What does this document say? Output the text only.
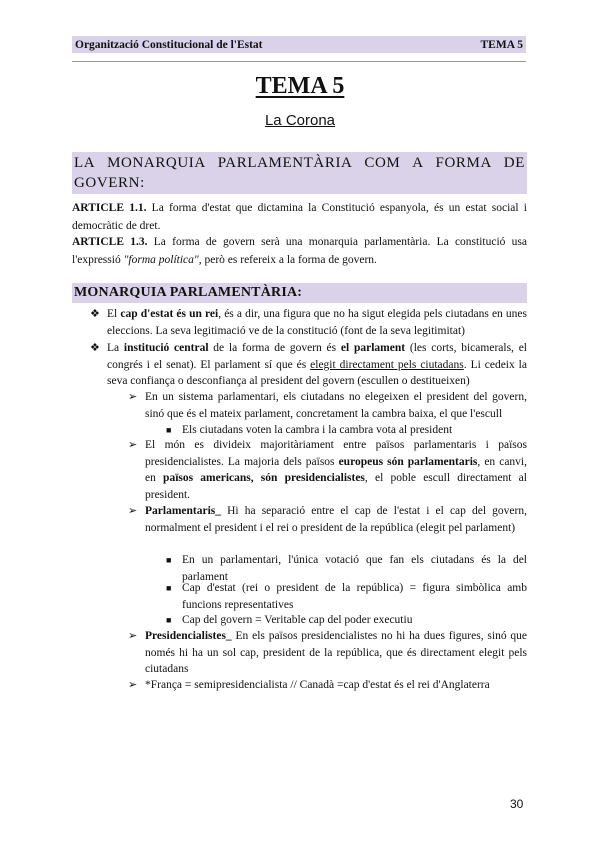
Organització Constitucional de l'Estat	TEMA 5
TEMA 5
La Corona
LA MONARQUIA PARLAMENTÀRIA COM A FORMA DE GOVERN:
ARTICLE 1.1. La forma d'estat que dictamina la Constitució espanyola, és un estat social i democràtic de dret.
ARTICLE 1.3. La forma de govern serà una monarquia parlamentària. La constitució usa l'expressió "forma política", però es refereix a la forma de govern.
MONARQUIA PARLAMENTÀRIA:
❖ El cap d'estat és un rei, és a dir, una figura que no ha sigut elegida pels ciutadans en unes eleccions. La seva legitimació ve de la constitució (font de la seva legitimitat)
❖ La institució central de la forma de govern és el parlament (les corts, bicamerals, el congrés i el senat). El parlament sí que és elegit directament pels ciutadans. Li cedeix la seva confiança o desconfiança al president del govern (escullen o destitueixen)
➢ En un sistema parlamentari, els ciutadans no elegeixen el president del govern, sinó que és el mateix parlament, concretament la cambra baixa, el que l'escull
■ Els ciutadans voten la cambra i la cambra vota al president
➢ El món es divideix majoritàriament entre països parlamentaris i països presidencialistes. La majoria dels països europeus són parlamentaris, en canvi, en països americans, són presidencialistes, el poble escull directament al president.
➢ Parlamentaris_ Hi ha separació entre el cap de l'estat i el cap del govern, normalment el president i el rei o president de la república (elegit pel parlament)
■ En un parlamentari, l'única votació que fan els ciutadans és la del parlament
■ Cap d'estat (rei o president de la república) = figura simbòlica amb funcions representatives
■ Cap del govern = Veritable cap del poder executiu
➢ Presidencialistes_ En els països presidencialistes no hi ha dues figures, sinó que només hi ha un sol cap, president de la república, que és directament elegit pels ciutadans
➢ *França = semipresidencialista // Canadà =cap d'estat és el rei d'Anglaterra
30
